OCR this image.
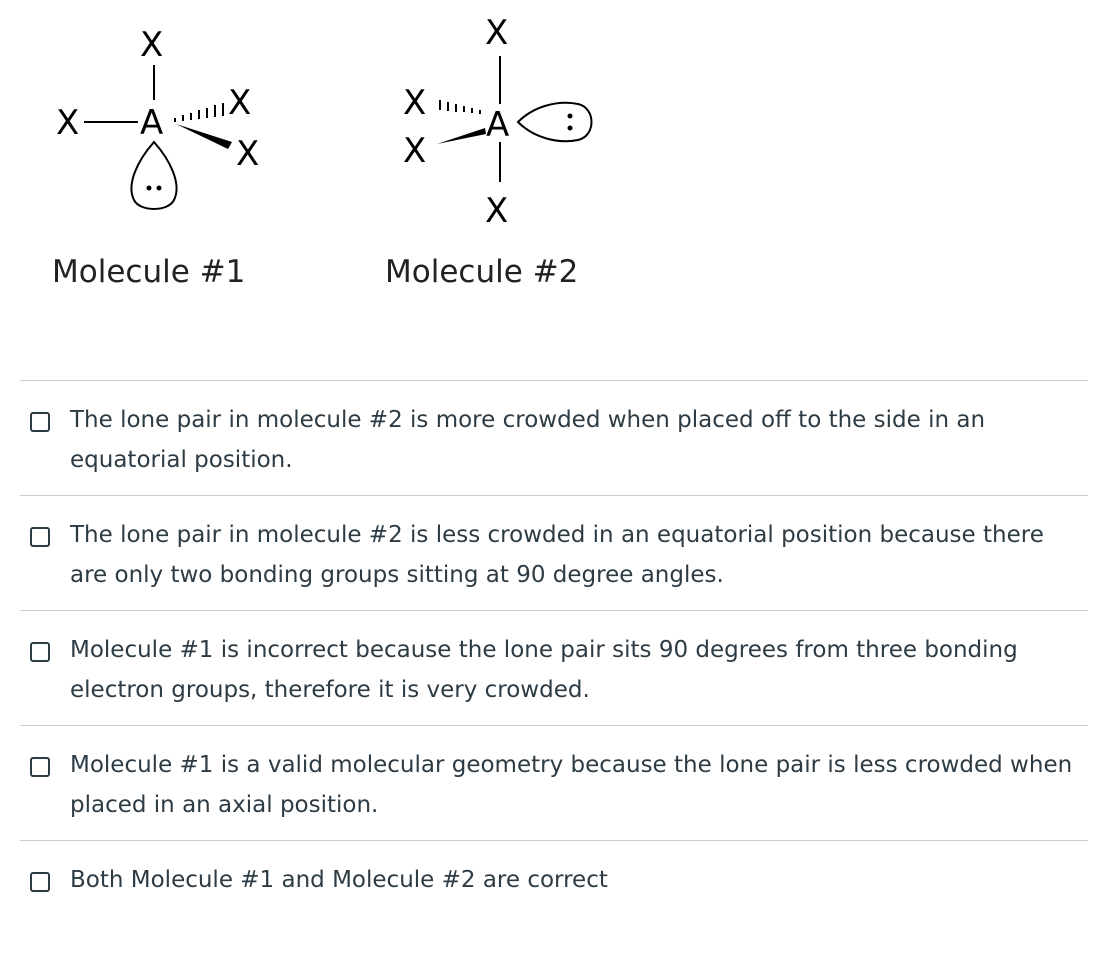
X
X A X
X
Molecule #1
X
X
A
X
X
Molecule #2
The lone pair in molecule #2 is more crowded when placed off to the side in an equatorial position.
The lone pair in molecule #2 is less crowded in an equatorial position because there are only two bonding groups sitting at 90 degree angles.
Molecule #1 is incorrect because the lone pair sits 90 degrees from three bonding electron groups, therefore it is very crowded.
Molecule #1 is a valid molecular geometry because the lone pair is less crowded when placed in an axial position.
Both Molecule #1 and Molecule #2 are correct
